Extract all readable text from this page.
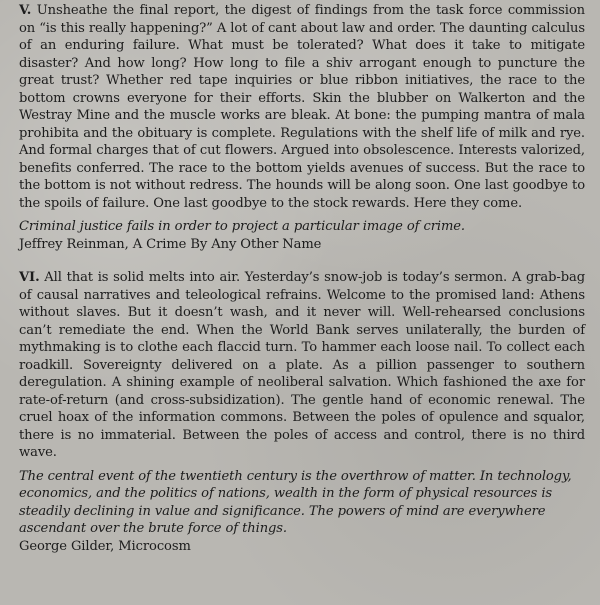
V. Unsheathe the final report, the digest of findings from the task force commission on “is this really happening?” A lot of cant about law and order. The daunting calculus of an enduring failure. What must be tolerated? What does it take to mitigate disaster? And how long? How long to file a shiv arrogant enough to puncture the great trust? Whether red tape inquiries or blue ribbon initiatives, the race to the bottom crowns everyone for their efforts. Skin the blubber on Walkerton and the Westray Mine and the muscle works are bleak. At bone: the pumping mantra of mala prohibita and the obituary is complete. Regulations with the shelf life of milk and rye. And formal charges that of cut flowers. Argued into obsolescence. Interests valorized, benefits conferred. The race to the bottom yields avenues of success. But the race to the bottom is not without redress. The hounds will be along soon. One last goodbye to the spoils of failure. One last goodbye to the stock rewards. Here they come.

Criminal justice fails in order to project a particular image of crime.
Jeffrey Reinman, A Crime By Any Other Name

VI. All that is solid melts into air. Yesterday’s snow-job is today’s sermon. A grab-bag of causal narratives and teleological refrains. Welcome to the promised land: Athens without slaves. But it doesn’t wash, and it never will. Well-rehearsed conclusions can’t remediate the end. When the World Bank serves unilaterally, the burden of mythmaking is to clothe each flaccid turn. To hammer each loose nail. To collect each roadkill. Sovereignty delivered on a plate. As a pillion passenger to southern deregulation. A shining example of neoliberal salvation. Which fashioned the axe for rate-of-return (and cross-subsidization). The gentle hand of economic renewal. The cruel hoax of the information commons. Between the poles of opulence and squalor, there is no immaterial. Between the poles of access and control, there is no third wave.

The central event of the twentieth century is the overthrow of matter. In technology, economics, and the politics of nations, wealth in the form of physical resources is steadily declining in value and significance. The powers of mind are everywhere ascendant over the brute force of things.
George Gilder, Microcosm
